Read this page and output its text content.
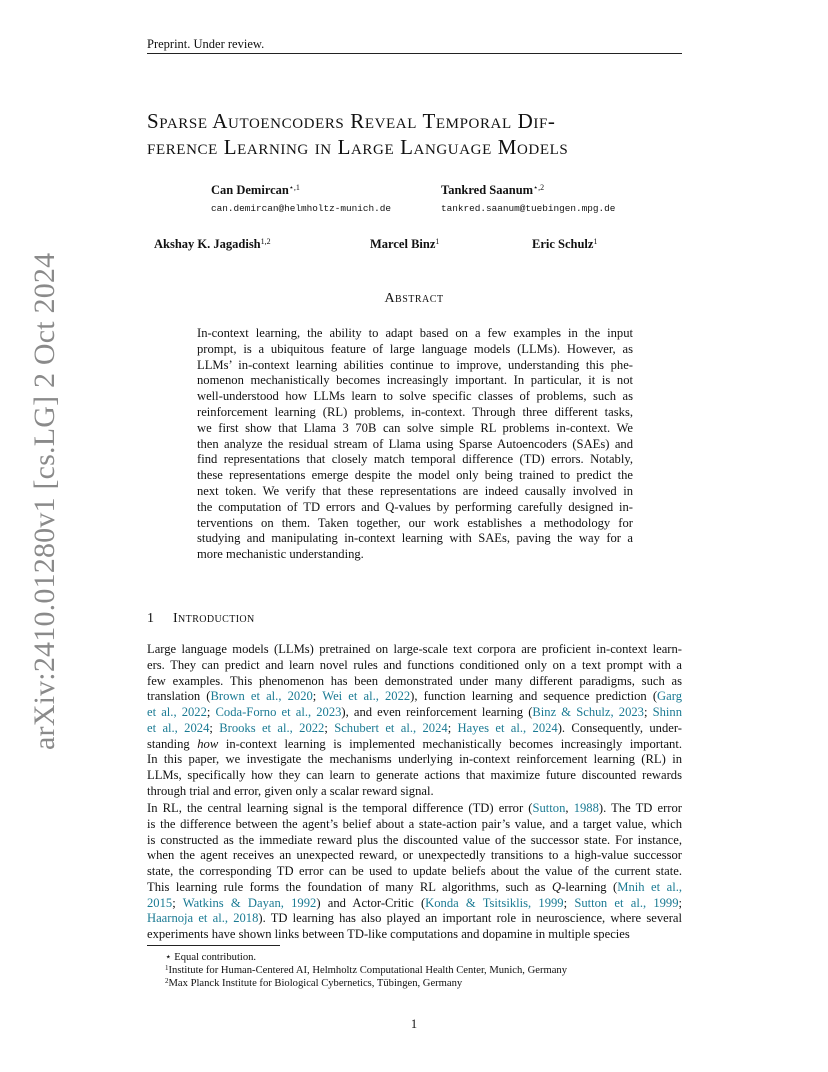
arXiv:2410.01280v1 [cs.LG] 2 Oct 2024
Preprint. Under review.
Sparse Autoencoders Reveal Temporal Dif-
ference Learning in Large Language Models
Can Demircan$^{⋆,1}$
can.demircan@helmholtz-munich.de
Tankred Saanum$^{⋆,2}$
tankred.saanum@tuebingen.mpg.de
Akshay K. Jagadish$^{1,2}$	Marcel Binz$^1$	Eric Schulz$^1$
Abstract
In-context learning, the ability to adapt based on a few examples in the input
prompt, is a ubiquitous feature of large language models (LLMs). However, as
LLMs’ in-context learning abilities continue to improve, understanding this phe-
nomenon mechanistically becomes increasingly important. In particular, it is not
well-understood how LLMs learn to solve specific classes of problems, such as
reinforcement learning (RL) problems, in-context. Through three different tasks,
we first show that Llama 3 70B can solve simple RL problems in-context. We
then analyze the residual stream of Llama using Sparse Autoencoders (SAEs) and
find representations that closely match temporal difference (TD) errors. Notably,
these representations emerge despite the model only being trained to predict the
next token. We verify that these representations are indeed causally involved in
the computation of TD errors and Q-values by performing carefully designed in-
terventions on them. Taken together, our work establishes a methodology for
studying and manipulating in-context learning with SAEs, paving the way for a
more mechanistic understanding.
1 Introduction
Large language models (LLMs) pretrained on large-scale text corpora are proficient in-context learn-
ers. They can predict and learn novel rules and functions conditioned only on a text prompt with a
few examples. This phenomenon has been demonstrated under many different paradigms, such as
translation (Brown et al., 2020; Wei et al., 2022), function learning and sequence prediction (Garg
et al., 2022; Coda-Forno et al., 2023), and even reinforcement learning (Binz & Schulz, 2023; Shinn
et al., 2024; Brooks et al., 2022; Schubert et al., 2024; Hayes et al., 2024). Consequently, under-
standing how in-context learning is implemented mechanistically becomes increasingly important.
In this paper, we investigate the mechanisms underlying in-context reinforcement learning (RL) in
LLMs, specifically how they can learn to generate actions that maximize future discounted rewards
through trial and error, given only a scalar reward signal.
In RL, the central learning signal is the temporal difference (TD) error (Sutton, 1988). The TD error
is the difference between the agent’s belief about a state-action pair’s value, and a target value, which
is constructed as the immediate reward plus the discounted value of the successor state. For instance,
when the agent receives an unexpected reward, or unexpectedly transitions to a high-value successor
state, the corresponding TD error can be used to update beliefs about the value of the current state.
This learning rule forms the foundation of many RL algorithms, such as Q-learning (Mnih et al.,
2015; Watkins & Dayan, 1992) and Actor-Critic (Konda & Tsitsiklis, 1999; Sutton et al., 1999;
Haarnoja et al., 2018). TD learning has also played an important role in neuroscience, where several
experiments have shown links between TD-like computations and dopamine in multiple species
⋆ Equal contribution.
$^1$Institute for Human-Centered AI, Helmholtz Computational Health Center, Munich, Germany
$^2$Max Planck Institute for Biological Cybernetics, Tübingen, Germany
1
